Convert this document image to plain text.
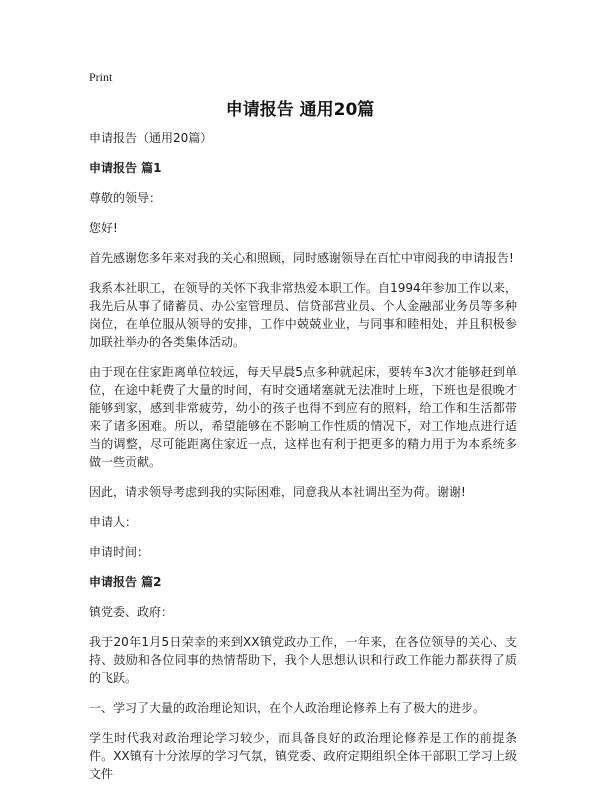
Print
申请报告 通用20篇

申请报告（通用20篇）

申请报告 篇1

尊敬的领导：

您好!

首先感谢您多年来对我的关心和照顾，同时感谢领导在百忙中审阅我的申请报告!

我系本社职工，在领导的关怀下我非常热爱本职工作。自1994年参加工作以来，我先后从事了储蓄员、办公室管理员、信贷部营业员、个人金融部业务员等多种岗位，在单位服从领导的安排，工作中兢兢业业，与同事和睦相处，并且积极参加联社举办的各类集体活动。

由于现在住家距离单位较远，每天早晨5点多种就起床，要转车3次才能够赶到单位，在途中耗费了大量的时间，有时交通堵塞就无法准时上班，下班也是很晚才能够到家，感到非常疲劳，幼小的孩子也得不到应有的照料，给工作和生活都带来了诸多困难。所以，希望能够在不影响工作性质的情况下，对工作地点进行适当的调整，尽可能距离住家近一点，这样也有利于把更多的精力用于为本系统多做一些贡献。

因此，请求领导考虑到我的实际困难，同意我从本社调出至为荷。谢谢!

申请人：

申请时间：

申请报告 篇2

镇党委、政府：

我于20年1月5日荣幸的来到XX镇党政办工作，一年来，在各位领导的关心、支持、鼓励和各位同事的热情帮助下，我个人思想认识和行政工作能力都获得了质的飞跃。

一、学习了大量的政治理论知识，在个人政治理论修养上有了极大的进步。

学生时代我对政治理论学习较少，而具备良好的政治理论修养是工作的前提条件。XX镇有十分浓厚的学习气氛，镇党委、政府定期组织全体干部职工学习上级文件
